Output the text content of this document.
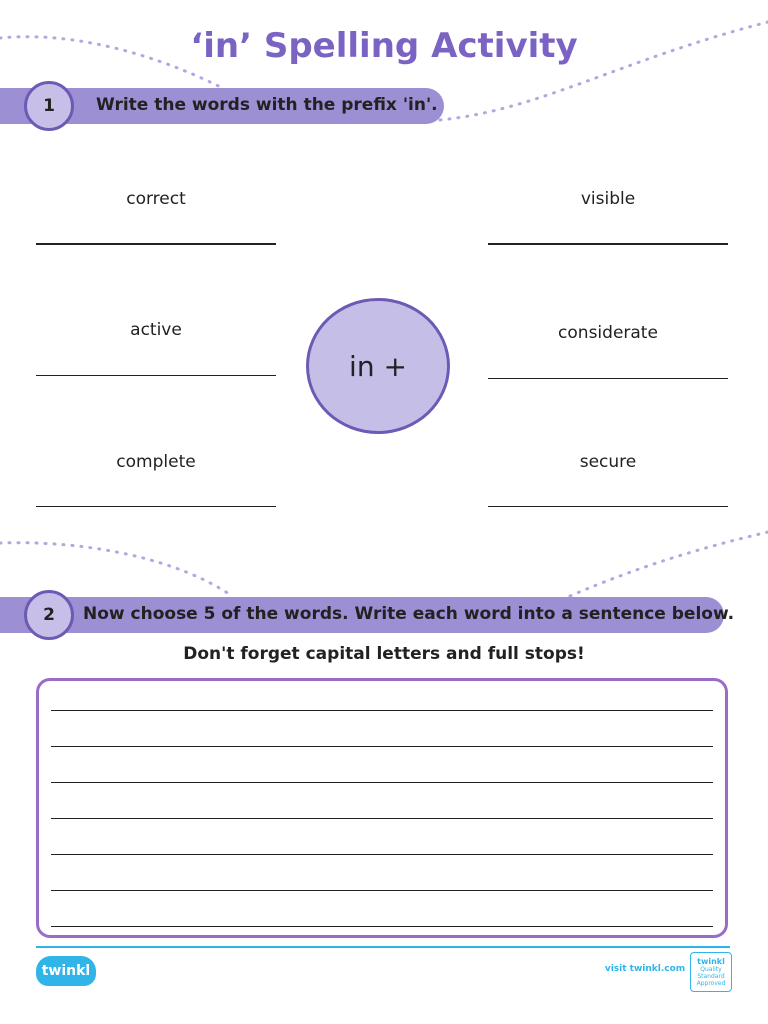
‘in’ Spelling Activity
1	Write the words with the prefix 'in'.
correct
active
complete
visible
considerate
secure
in +
2	Now choose 5 of the words. Write each word into a sentence below.
Don't forget capital letters and full stops!
twinkl	visit twinkl.com
twinkl
Quality Standard Approved
